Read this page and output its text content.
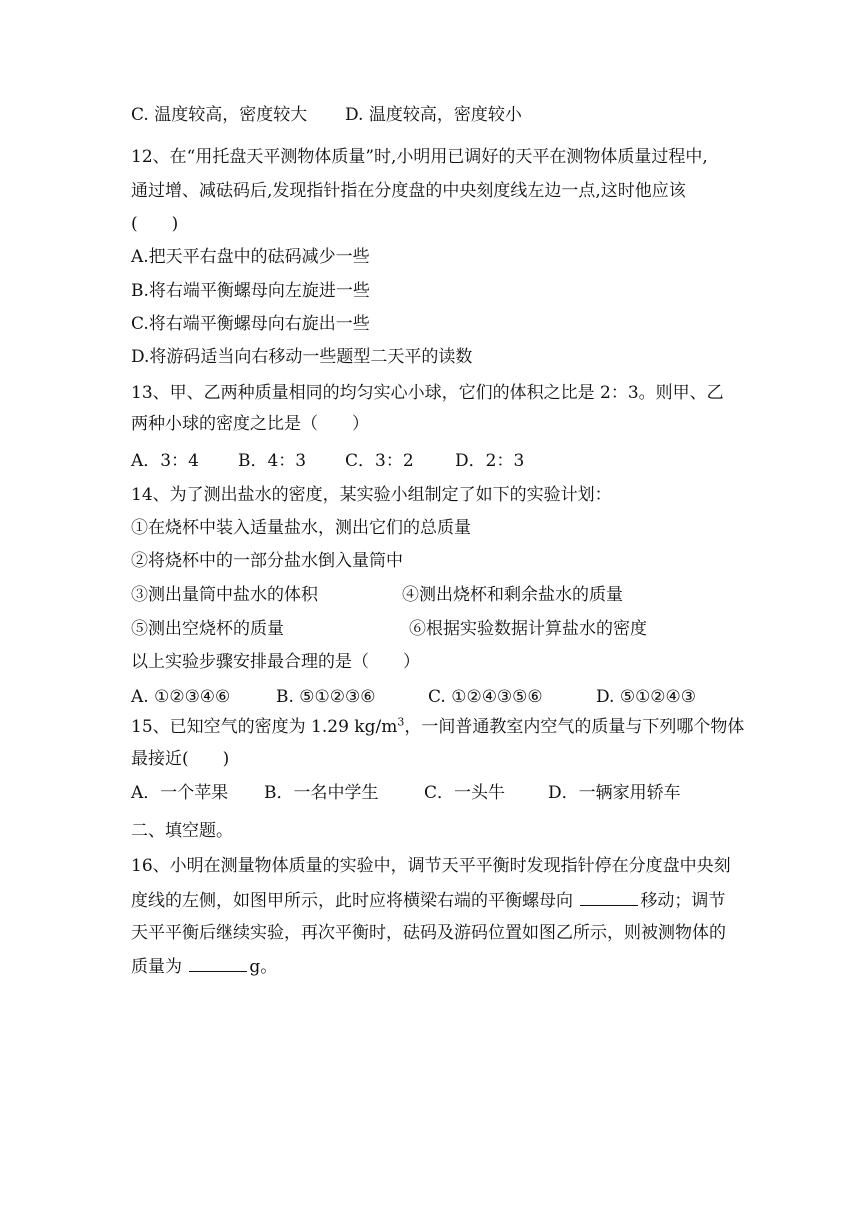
C. 温度较高，密度较大 D. 温度较高，密度较小
12、在“用托盘天平测物体质量”时,小明用已调好的天平在测物体质量过程中,
通过增、减砝码后,发现指针指在分度盘的中央刻度线左边一点,这时他应该
(　　)
A.把天平右盘中的砝码减少一些
B.将右端平衡螺母向左旋进一些
C.将右端平衡螺母向右旋出一些
D.将游码适当向右移动一些题型二天平的读数
13、甲、乙两种质量相同的均匀实心小球，它们的体积之比是 2：3。则甲、乙
两种小球的密度之比是（　　）
A．3：4 B．4：3 C．3：2 D．2：3
14、为了测出盐水的密度，某实验小组制定了如下的实验计划：
①在烧杯中装入适量盐水，测出它们的总质量
②将烧杯中的一部分盐水倒入量筒中
③测出量筒中盐水的体积	④测出烧杯和剩余盐水的质量
⑤测出空烧杯的质量	⑥根据实验数据计算盐水的密度
以上实验步骤安排最合理的是（　　）
A. ①②③④⑥	B. ⑤①②③⑥	C. ①②④③⑤⑥	D. ⑤①②④③
15、已知空气的密度为 1.29 $kg/m^3$，一间普通教室内空气的质量与下列哪个物体
最接近(　　)
A．一个苹果 B．一名中学生	C．一头牛	D．一辆家用轿车
二、填空题。
16、小明在测量物体质量的实验中，调节天平平衡时发现指针停在分度盘中央刻
度线的左侧，如图甲所示，此时应将横梁右端的平衡螺母向	移动；调节
天平平衡后继续实验，再次平衡时，砝码及游码位置如图乙所示，则被测物体的
质量为	g。
